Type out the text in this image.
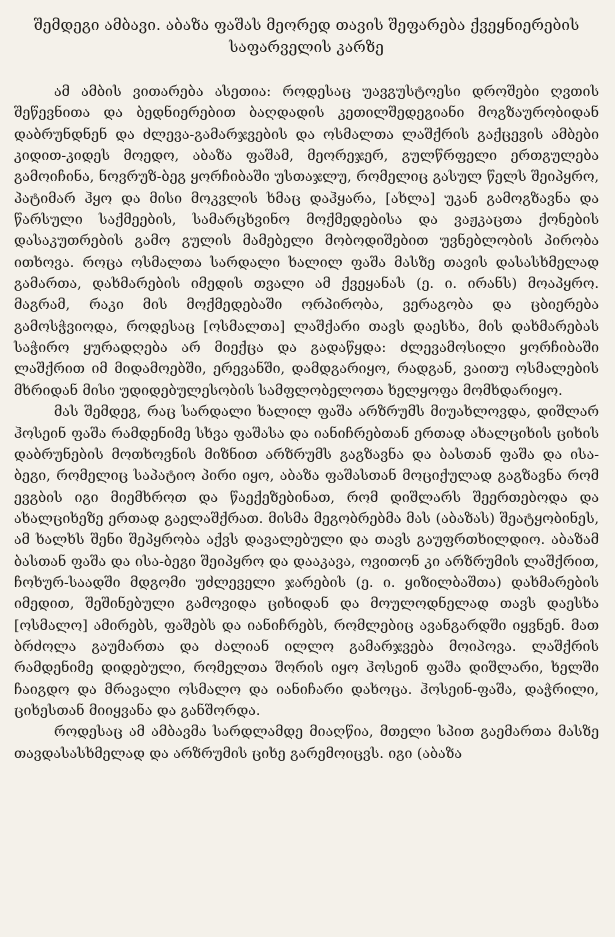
შემდეგი ამბავი. აბაზა ფაშას მეორედ თავის შეფარება ქვეყნიერების
საფარველის კარზე

ამ ამბის ვითარება ასეთია: როდესაც უავგუსტოესი დროშები ღვთის შეწევნითა და ბედნიერებით ბაღდადის კეთილშედეგიანი მოგზაურობიდან დაბრუნდნენ და ძლევა-გამარჯვების და ოსმალთა ლაშქრის გაქცევის ამბები კიდით-კიდეს მოედო, აბაზა ფაშამ, მეორეჯერ, გულწრფელი ერთგულება გამოიჩინა, ნოვრუზ-ბეგ ყორჩიბაში უსთაჯლუ, რომელიც გასულ წელს შეიპყრო, პატიმარ ჰყო და მისი მოკვლის ხმაც დაჰყარა, [ახლა] უკან გამოგზავნა და წარსული საქმეების, სამარცხვინო მოქმედებისა და ვაჟკაცთა ქონების დასაკუთრების გამო გულის მამებელი მობოდიშებით უვნებლობის პირობა ითხოვა. როცა ოსმალთა სარდალი ხალილ ფაშა მასზე თავის დასასხმელად გამართა, დახმარების იმედის თვალი ამ ქვეყანას (ე. ი. ირანს) მოაპყრო. მაგრამ, რაკი მის მოქმედებაში ორპირობა, ვერაგობა და ცბიერება გამოსჭვიოდა, როდესაც [ოსმალთა] ლაშქარი თავს დაესხა, მის დახმარებას საჭირო ყურადღება არ მიექცა და გადაწყდა: ძლევამოსილი ყორჩიბაში ლაშქრით იმ მიდამოებში, ერევანში, დამდგარიყო, რადგან, ვაითუ ოსმალების მხრიდან მისი უდიდებულესობის სამფლობელოთა ხელყოფა მომხდარიყო.

მას შემდეგ, რაც სარდალი ხალილ ფაშა არზრუმს მიუახლოვდა, დიშლარ ჰოსეინ ფაშა რამდენიმე სხვა ფაშასა და იანიჩრებთან ერთად ახალციხის ციხის დაბრუნების მოთხოვნის მიზნით არზრუმს გაგზავნა და ბასთან ფაშა და ისა-ბეგი, რომელიც საპატიო პირი იყო, აბაზა ფაშასთან მოციქულად გაგზავნა რომ ევგბის იგი მიემხროთ და წაექეზებინათ, რომ დიშლარს შეერთებოდა და ახალციხეზე ერთად გაელაშქრათ. მისმა მეგობრებმა მას (აბაზას) შეატყობინეს, ამ ხალხს შენი შეპყრობა აქვს დავალებული და თავს გაუფრთხილდიო. აბაზამ ბასთან ფაშა და ისა-ბეგი შეიპყრო და დააკავა, ოვითონ კი არზრუმის ლაშქრით, ჩოხურ-საადში მდგომი უძლეველი ჯარების (ე. ი. ყიზილბაშთა) დახმარების იმედით, შეშინებული გამოვიდა ციხიდან და მოულოდნელად თავს დაესხა [ოსმალო] ამირებს, ფაშებს და იანიჩრებს, რომლებიც ავანგარდში იყვნენ. მათ ბრძოლა გაუმართა და ძალიან ილლო გამარჯვება მოიპოვა. ლაშქრის რამდენიმე დიდებული, რომელთა შორის იყო ჰოსეინ ფაშა დიშლარი, ხელში ჩაიგდო და მრავალი ოსმალო და იანიჩარი დახოცა. ჰოსეინ-ფაშა, დაჭრილი, ციხესთან მიიყვანა და განშორდა.

როდესაც ამ ამბავმა სარდლამდე მიაღწია, მთელი სპით გაემართა მასზე თავდასასხმელად და არზრუმის ციხე გარემოიცვს. იგი (აბაზა
